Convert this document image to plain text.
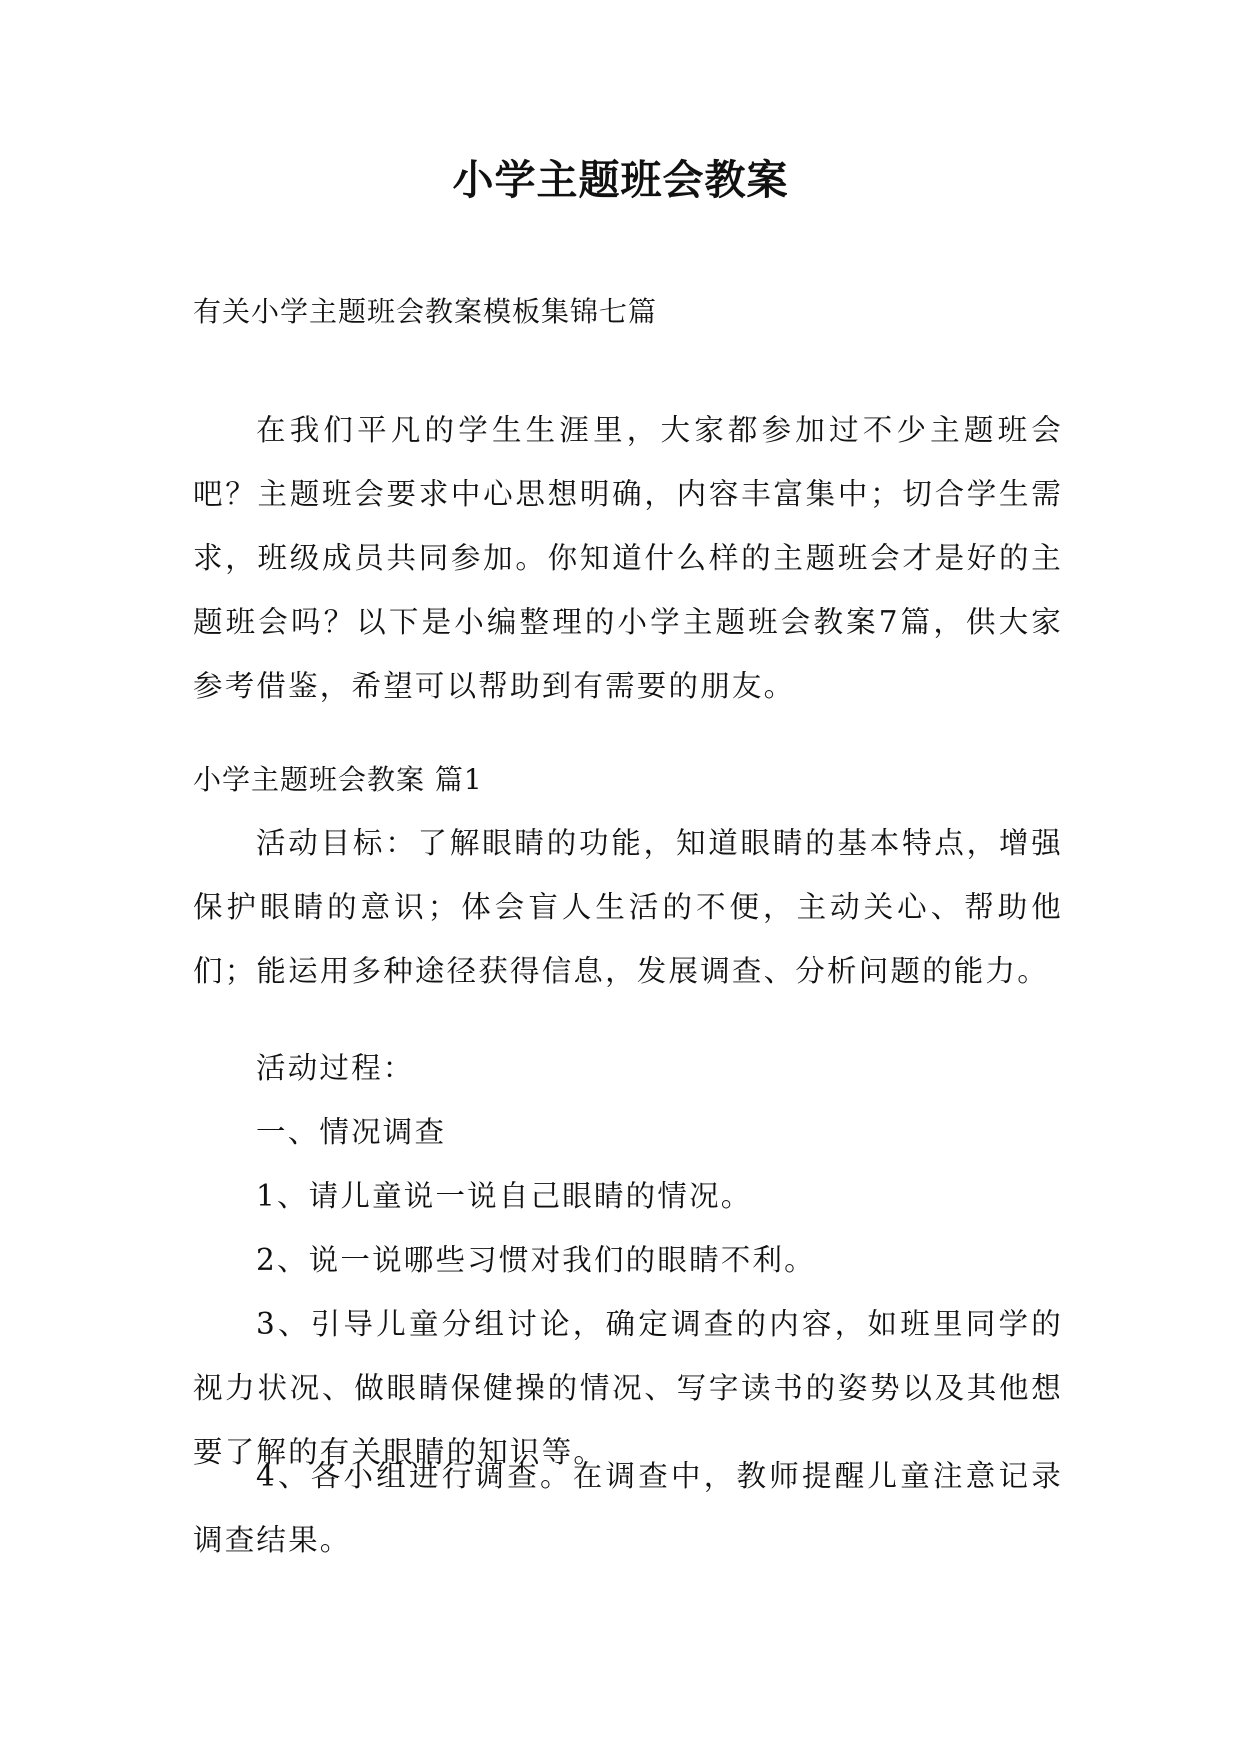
小学主题班会教案

有关小学主题班会教案模板集锦七篇

在我们平凡的学生生涯里，大家都参加过不少主题班会吧？主题班会要求中心思想明确，内容丰富集中；切合学生需求，班级成员共同参加。你知道什么样的主题班会才是好的主题班会吗？以下是小编整理的小学主题班会教案7篇，供大家参考借鉴，希望可以帮助到有需要的朋友。

小学主题班会教案 篇1

活动目标：了解眼睛的功能，知道眼睛的基本特点，增强保护眼睛的意识；体会盲人生活的不便，主动关心、帮助他们；能运用多种途径获得信息，发展调查、分析问题的能力。

活动过程：

一、情况调查

1、请儿童说一说自己眼睛的情况。

2、说一说哪些习惯对我们的眼睛不利。

3、引导儿童分组讨论，确定调查的内容，如班里同学的视力状况、做眼睛保健操的情况、写字读书的姿势以及其他想要了解的有关眼睛的知识等。

4、各小组进行调查。在调查中，教师提醒儿童注意记录调查结果。
